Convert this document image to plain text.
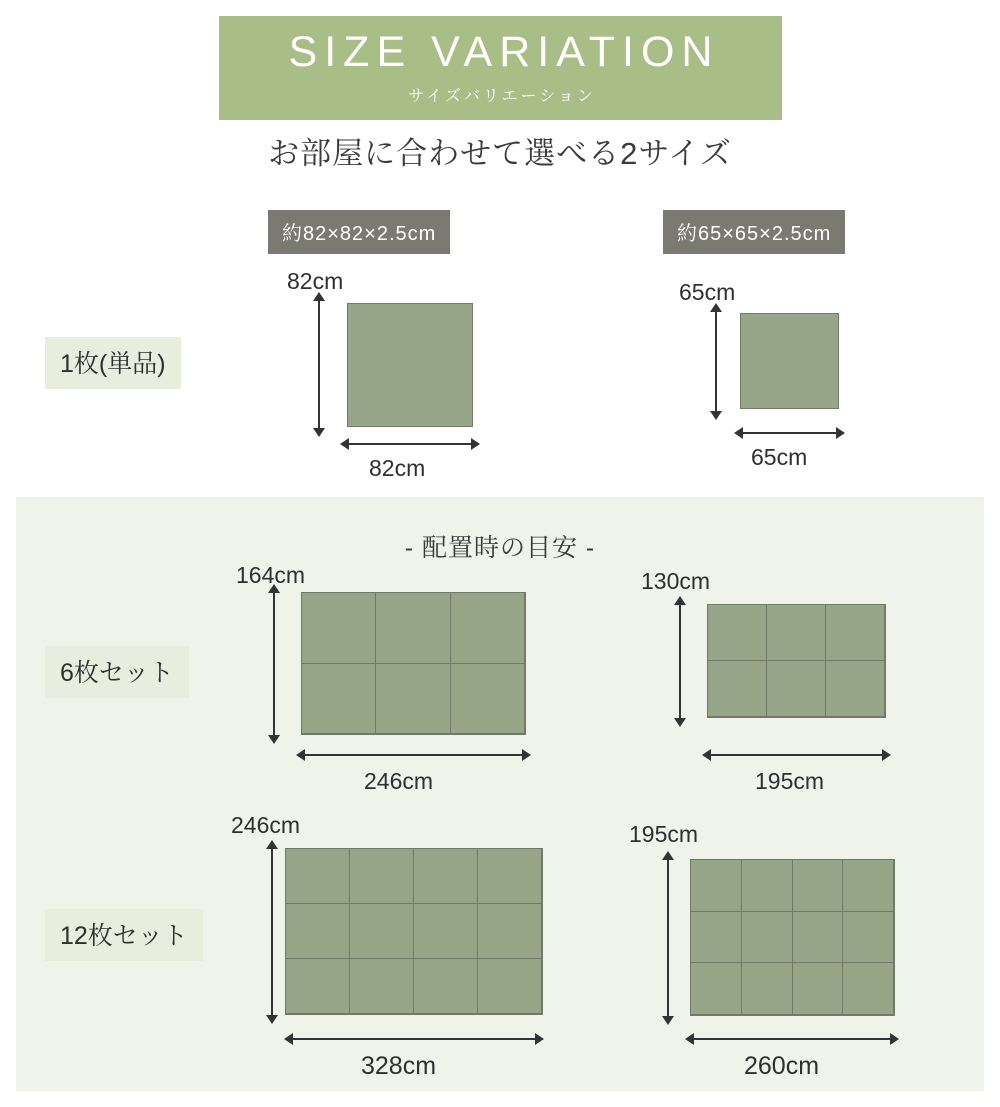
SIZE VARIATION
サイズバリエーション
お部屋に合わせて選べる2サイズ
約82×82×2.5cm	約65×65×2.5cm
- 配置時の目安 -
1枚(単品)
6枚セット
12枚セット
82cm
82cm
65cm
65cm
164cm
246cm
130cm
195cm
246cm
328cm
195cm
260cm
